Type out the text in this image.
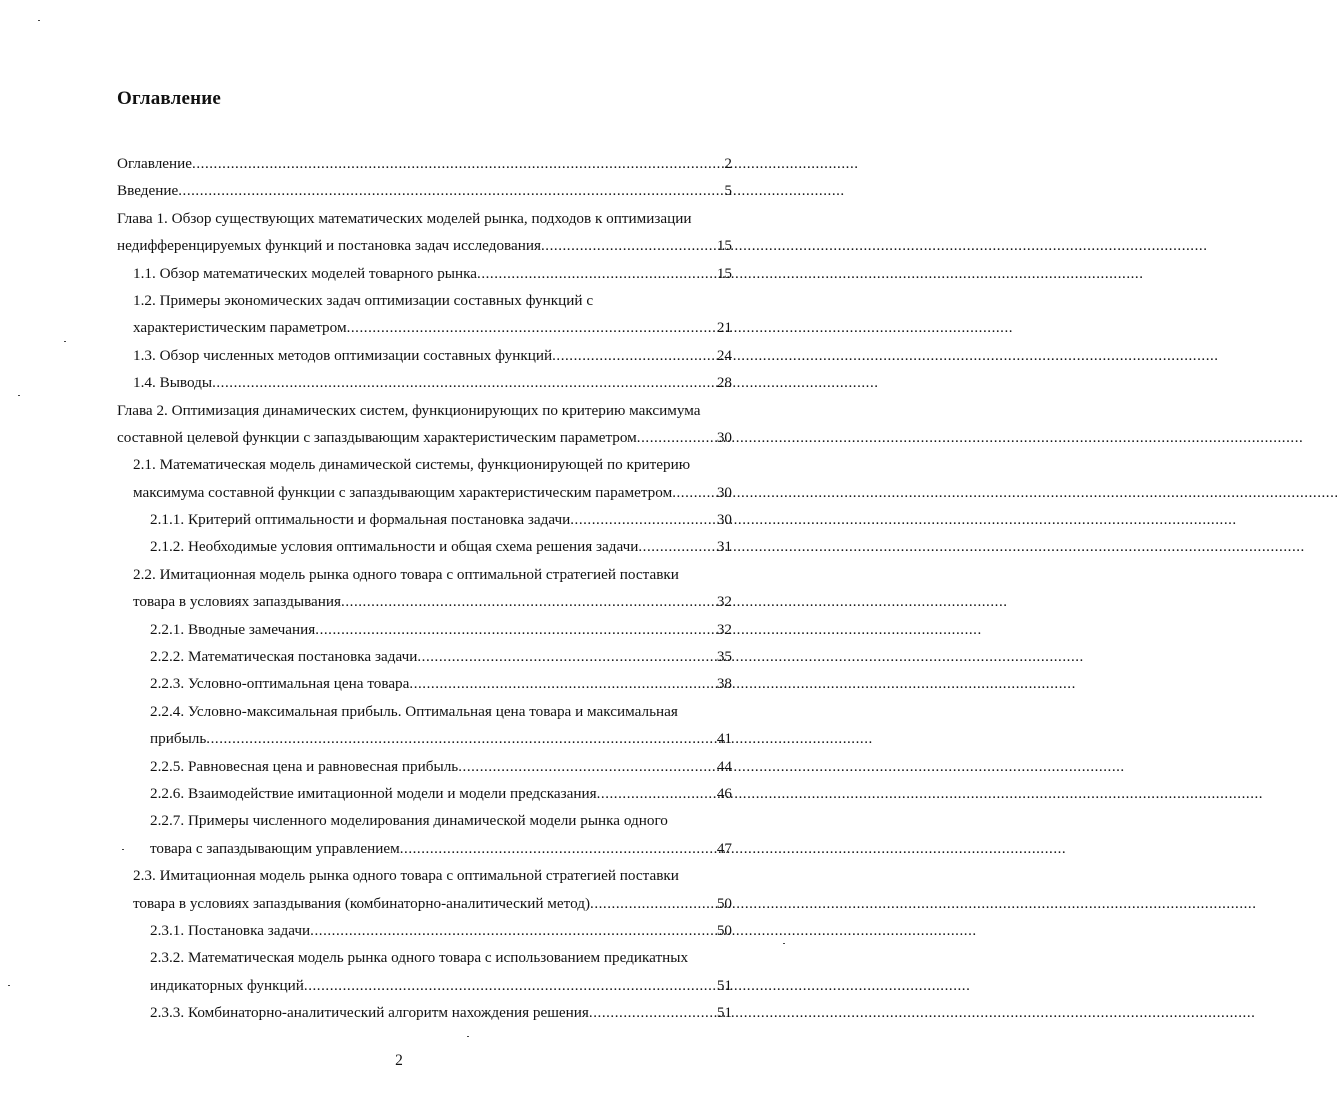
Оглавление
Оглавление . . .	2
Введение . . .	5
Глава 1. Обзор существующих математических моделей рынка, подходов к оптимизации
недифференцируемых функций и постановка задач исследования . . .	15
1.1. Обзор математических моделей товарного рынка . . .	15
1.2. Примеры экономических задач оптимизации составных функций с
характеристическим параметром . . .	21
1.3. Обзор численных методов оптимизации составных функций . . .	24
1.4. Выводы . . .	28
Глава 2. Оптимизация динамических систем, функционирующих по критерию максимума
составной целевой функции с запаздывающим характеристическим параметром . . .	30
2.1. Математическая модель динамической системы, функционирующей по критерию
максимума составной функции с запаздывающим характеристическим параметром . . .	30
2.1.1. Критерий оптимальности и формальная постановка задачи . . .	30
2.1.2. Необходимые условия оптимальности и общая схема решения задачи . . .	31
2.2. Имитационная модель рынка одного товара с оптимальной стратегией поставки
товара в условиях запаздывания . . .	32
2.2.1. Вводные замечания . . .	32
2.2.2. Математическая постановка задачи . . .	35
2.2.3. Условно-оптимальная цена товара . . .	38
2.2.4. Условно-максимальная прибыль. Оптимальная цена товара и максимальная
прибыль . . .	41
2.2.5. Равновесная цена и равновесная прибыль . . .	44
2.2.6. Взаимодействие имитационной модели и модели предсказания . . .	46
2.2.7. Примеры численного моделирования динамической модели рынка одного
товара с запаздывающим управлением . . .	47
2.3. Имитационная модель рынка одного товара с оптимальной стратегией поставки
товара в условиях запаздывания (комбинаторно-аналитический метод) . . .	50
2.3.1. Постановка задачи . . .	50
2.3.2. Математическая модель рынка одного товара с использованием предикатных
индикаторных функций . . .	51
2.3.3. Комбинаторно-аналитический алгоритм нахождения решения . . .	51
2
